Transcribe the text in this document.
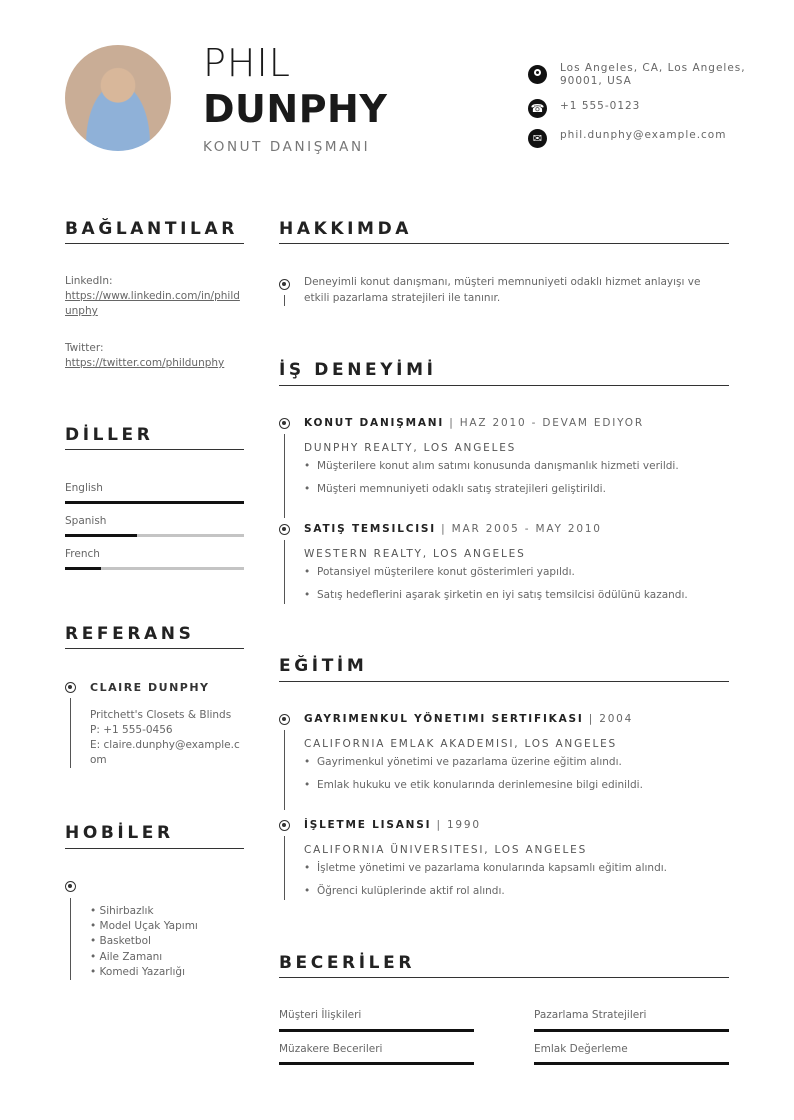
PHIL
DUNPHY
KONUT DANIŞMANI
Los Angeles, CA, Los Angeles, 90001, USA
☎
+1 555-0123
✉
phil.dunphy@example.com
BAĞLANTILAR
LinkedIn:
https://www.linkedin.com/in/phildunphy
Twitter:
https://twitter.com/phildunphy
DİLLER
English
Spanish
French
REFERANS
CLAIRE DUNPHY
Pritchett's Closets & Blinds
P: +1 555-0456
E: claire.dunphy@example.com
HOBİLER
• Sihirbazlık
• Model Uçak Yapımı
• Basketbol
• Aile Zamanı
• Komedi Yazarlığı
HAKKIMDA
Deneyimli konut danışmanı, müşteri memnuniyeti odaklı hizmet anlayışı ve etkili pazarlama stratejileri ile tanınır.
İŞ DENEYİMİ
KONUT DANIŞMANI | HAZ 2010 - DEVAM EDIYOR
DUNPHY REALTY, LOS ANGELES
• Müşterilere konut alım satımı konusunda danışmanlık hizmeti verildi.
• Müşteri memnuniyeti odaklı satış stratejileri geliştirildi.
SATIŞ TEMSILCISI | MAR 2005 - MAY 2010
WESTERN REALTY, LOS ANGELES
• Potansiyel müşterilere konut gösterimleri yapıldı.
• Satış hedeflerini aşarak şirketin en iyi satış temsilcisi ödülünü kazandı.
EĞİTİM
GAYRIMENKUL YÖNETIMI SERTIFIKASI | 2004
CALIFORNIA EMLAK AKADEMISI, LOS ANGELES
• Gayrimenkul yönetimi ve pazarlama üzerine eğitim alındı.
• Emlak hukuku ve etik konularında derinlemesine bilgi edinildi.
İŞLETME LISANSI | 1990
CALIFORNIA ÜNIVERSITESI, LOS ANGELES
• İşletme yönetimi ve pazarlama konularında kapsamlı eğitim alındı.
• Öğrenci kulüplerinde aktif rol alındı.
BECERİLER
Müşteri İlişkileri	Pazarlama Stratejileri
Müzakere Becerileri	Emlak Değerleme
